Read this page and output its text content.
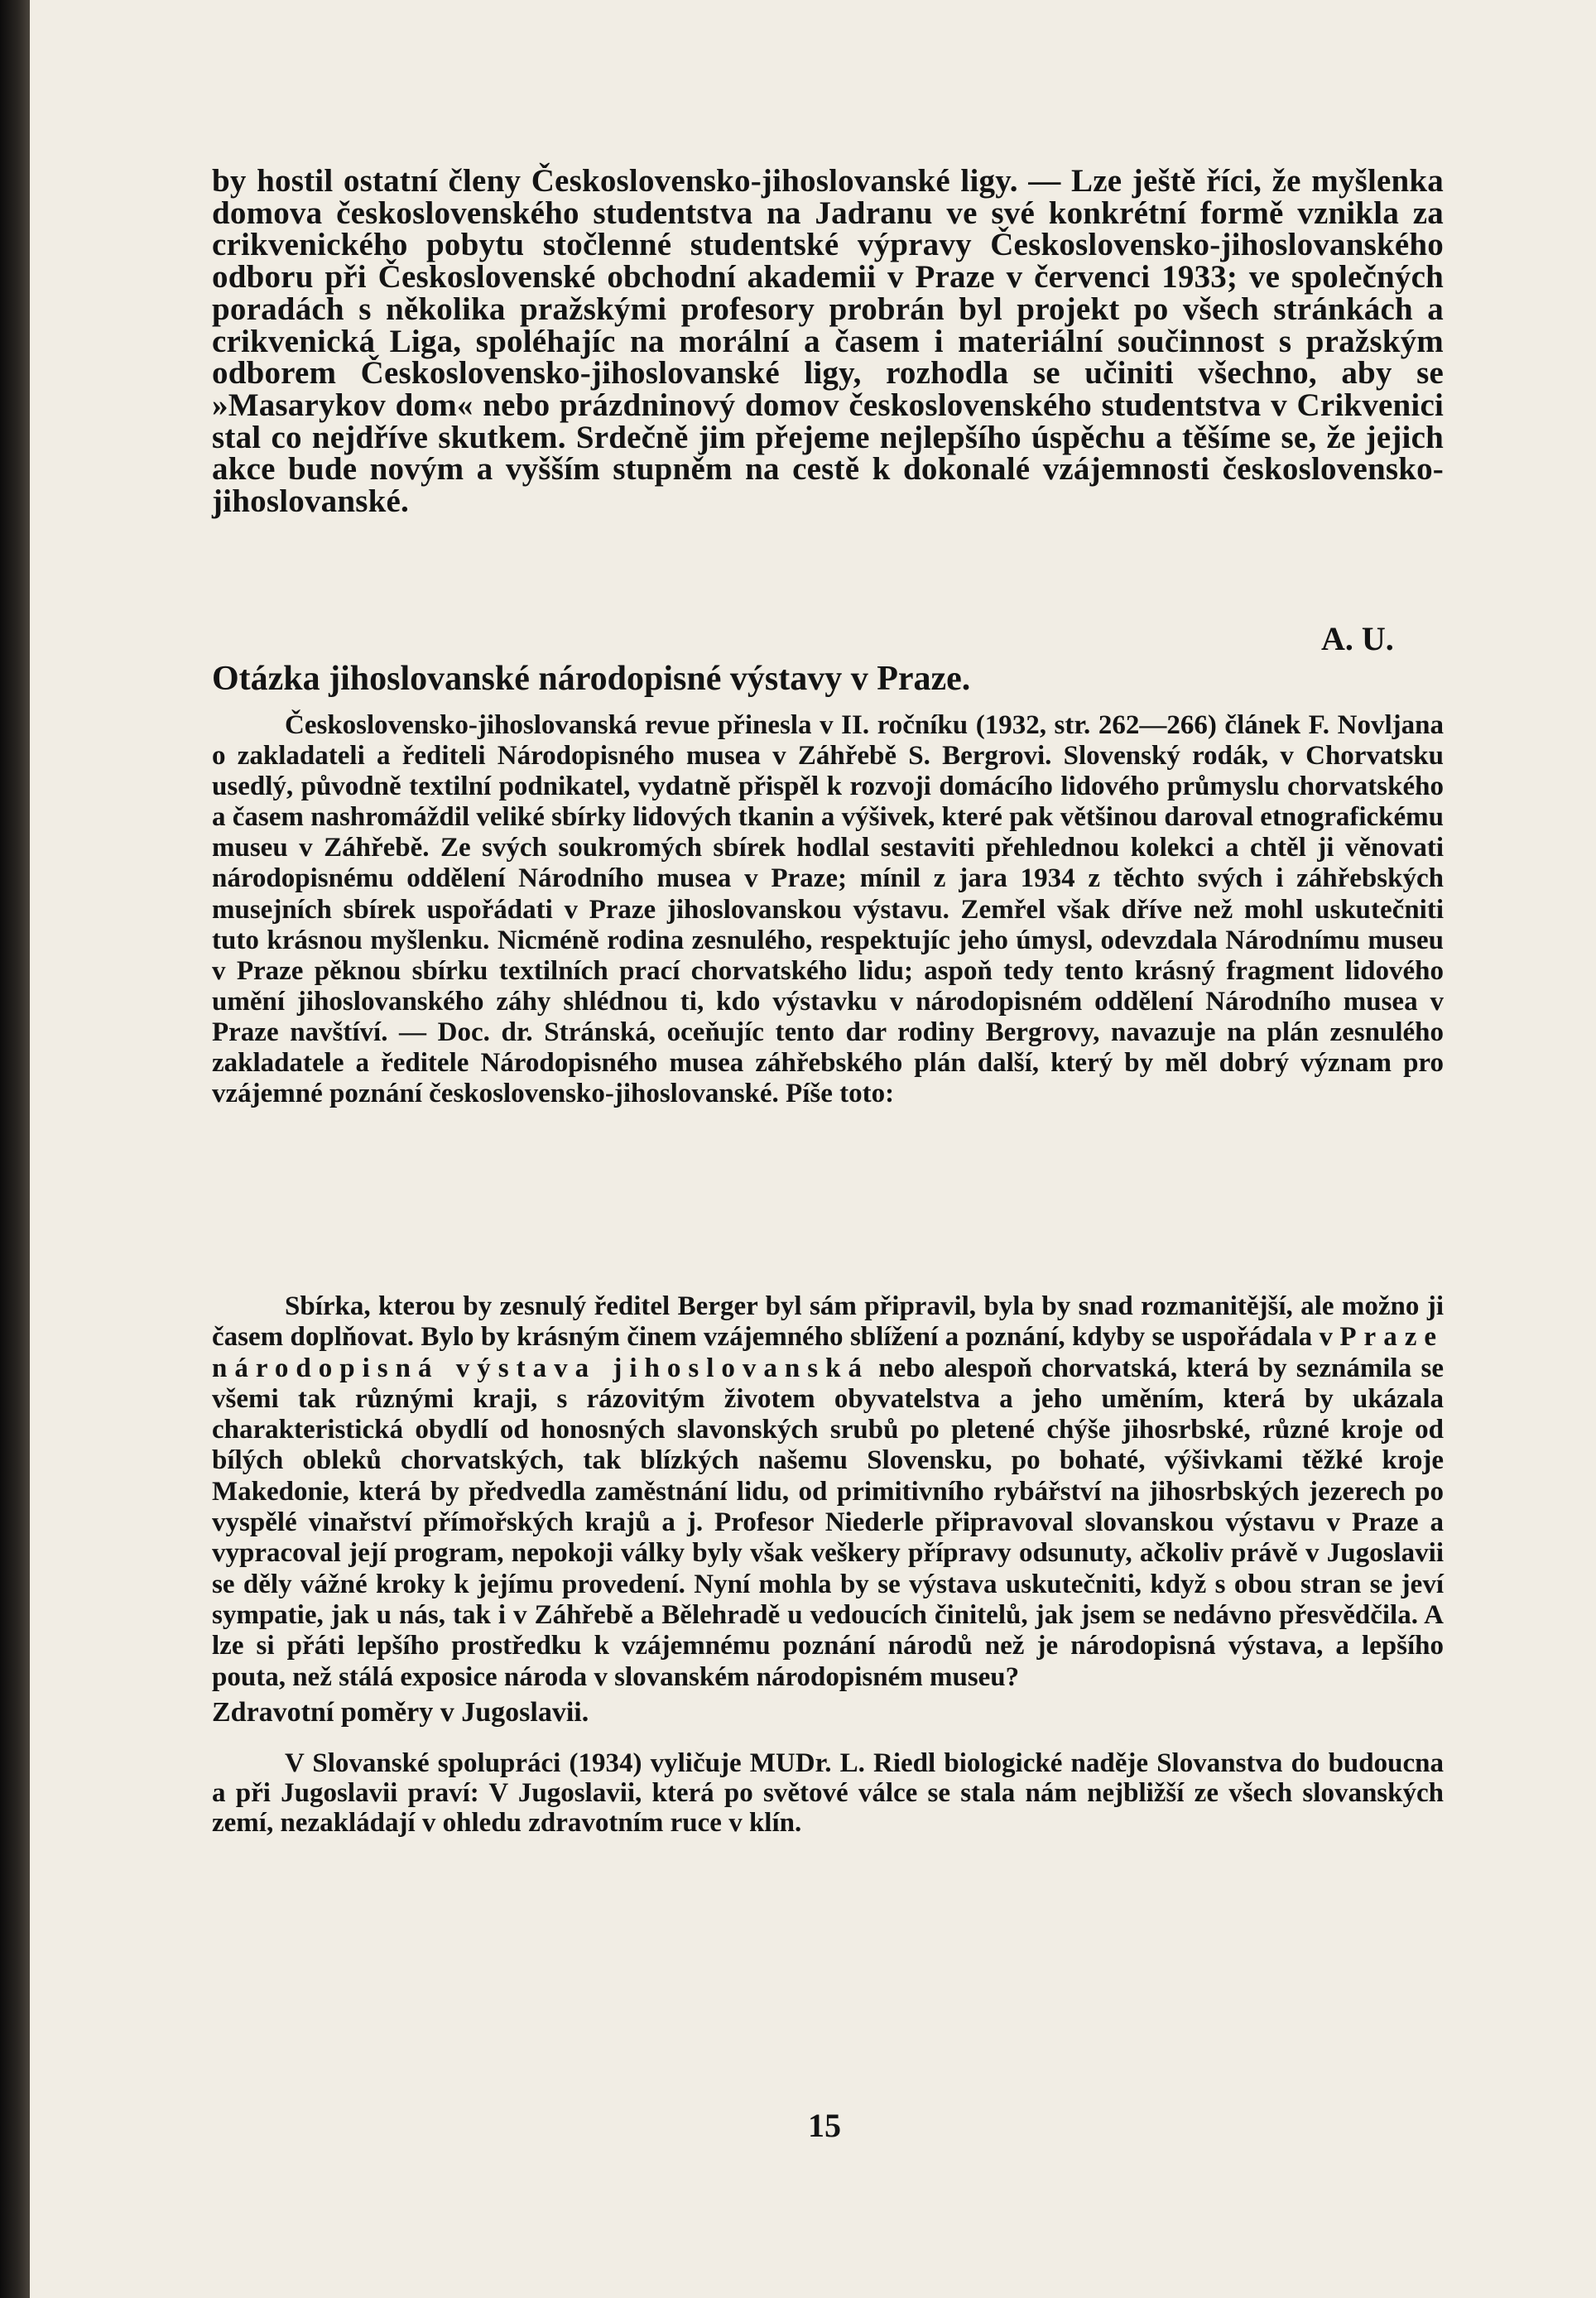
by hostil ostatní členy Československo-jihoslovanské ligy. — Lze ještě říci, že myšlenka domova československého studentstva na Jadranu ve své konkrétní formě vznikla za crikvenického pobytu stočlenné studentské výpravy Československo-jihoslovanského odboru při Československé obchodní akademii v Praze v červenci 1933; ve společných poradách s několika pražskými profesory probrán byl projekt po všech stránkách a crikvenická Liga, spoléhajíc na morální a časem i materiální součinnost s pražským odborem Československo-jihoslovanské ligy, rozhodla se učiniti všechno, aby se »Masarykov dom« nebo prázdninový domov československého studentstva v Crikvenici stal co nejdříve skutkem. Srdečně jim přejeme nejlepšího úspěchu a těšíme se, že jejich akce bude novým a vyšším stupněm na cestě k dokonalé vzájemnosti československo-jihoslovanské.
A. U.
Otázka jihoslovanské národopisné výstavy v Praze.
Československo-jihoslovanská revue přinesla v II. ročníku (1932, str. 262—266) článek F. Novljana o zakladateli a řediteli Národopisného musea v Záhřebě S. Bergrovi. Slovenský rodák, v Chorvatsku usedlý, původně textilní podnikatel, vydatně přispěl k rozvoji domácího lidového průmyslu chorvatského a časem nashromáždil veliké sbírky lidových tkanin a výšivek, které pak většinou daroval etnografickému museu v Záhřebě. Ze svých soukromých sbírek hodlal sestaviti přehlednou kolekci a chtěl ji věnovati národopisnému oddělení Národního musea v Praze; mínil z jara 1934 z těchto svých i záhřebských musejních sbírek uspořádati v Praze jihoslovanskou výstavu. Zemřel však dříve než mohl uskutečniti tuto krásnou myšlenku. Nicméně rodina zesnulého, respektujíc jeho úmysl, odevzdala Národnímu museu v Praze pěknou sbírku textilních prací chorvatského lidu; aspoň tedy tento krásný fragment lidového umění jihoslovanského záhy shlédnou ti, kdo výstavku v národopisném oddělení Národního musea v Praze navštíví. — Doc. dr. Stránská, oceňujíc tento dar rodiny Bergrovy, navazuje na plán zesnulého zakladatele a ředitele Národopisného musea záhřebského plán další, který by měl dobrý význam pro vzájemné poznání československo-jihoslovanské. Píše toto:
Sbírka, kterou by zesnulý ředitel Berger byl sám připravil, byla by snad rozmanitější, ale možno ji časem doplňovat. Bylo by krásným činem vzájemného sblížení a poznání, kdyby se uspořádala v Praze národopisná výstava jihoslovanská nebo alespoň chorvatská, která by seznámila se všemi tak různými kraji, s rázovitým životem obyvatelstva a jeho uměním, která by ukázala charakteristická obydlí od honosných slavonských srubů po pletené chýše jihosrbské, různé kroje od bílých obleků chorvatských, tak blízkých našemu Slovensku, po bohaté, výšivkami těžké kroje Makedonie, která by předvedla zaměstnání lidu, od primitivního rybářství na jihosrbských jezerech po vyspělé vinařství přímořských krajů a j. Profesor Niederle připravoval slovanskou výstavu v Praze a vypracoval její program, nepokoji války byly však veškery přípravy odsunuty, ačkoliv právě v Jugoslavii se děly vážné kroky k jejímu provedení. Nyní mohla by se výstava uskutečniti, když s obou stran se jeví sympatie, jak u nás, tak i v Záhřebě a Bělehradě u vedoucích činitelů, jak jsem se nedávno přesvědčila. A lze si přáti lepšího prostředku k vzájemnému poznání národů než je národopisná výstava, a lepšího pouta, než stálá exposice národa v slovanském národopisném museu?
Zdravotní poměry v Jugoslavii.
V Slovanské spolupráci (1934) vyličuje MUDr. L. Riedl biologické naděje Slovanstva do budoucna a při Jugoslavii praví: V Jugoslavii, která po světové válce se stala nám nejbližší ze všech slovanských zemí, nezakládají v ohledu zdravotním ruce v klín.
15
